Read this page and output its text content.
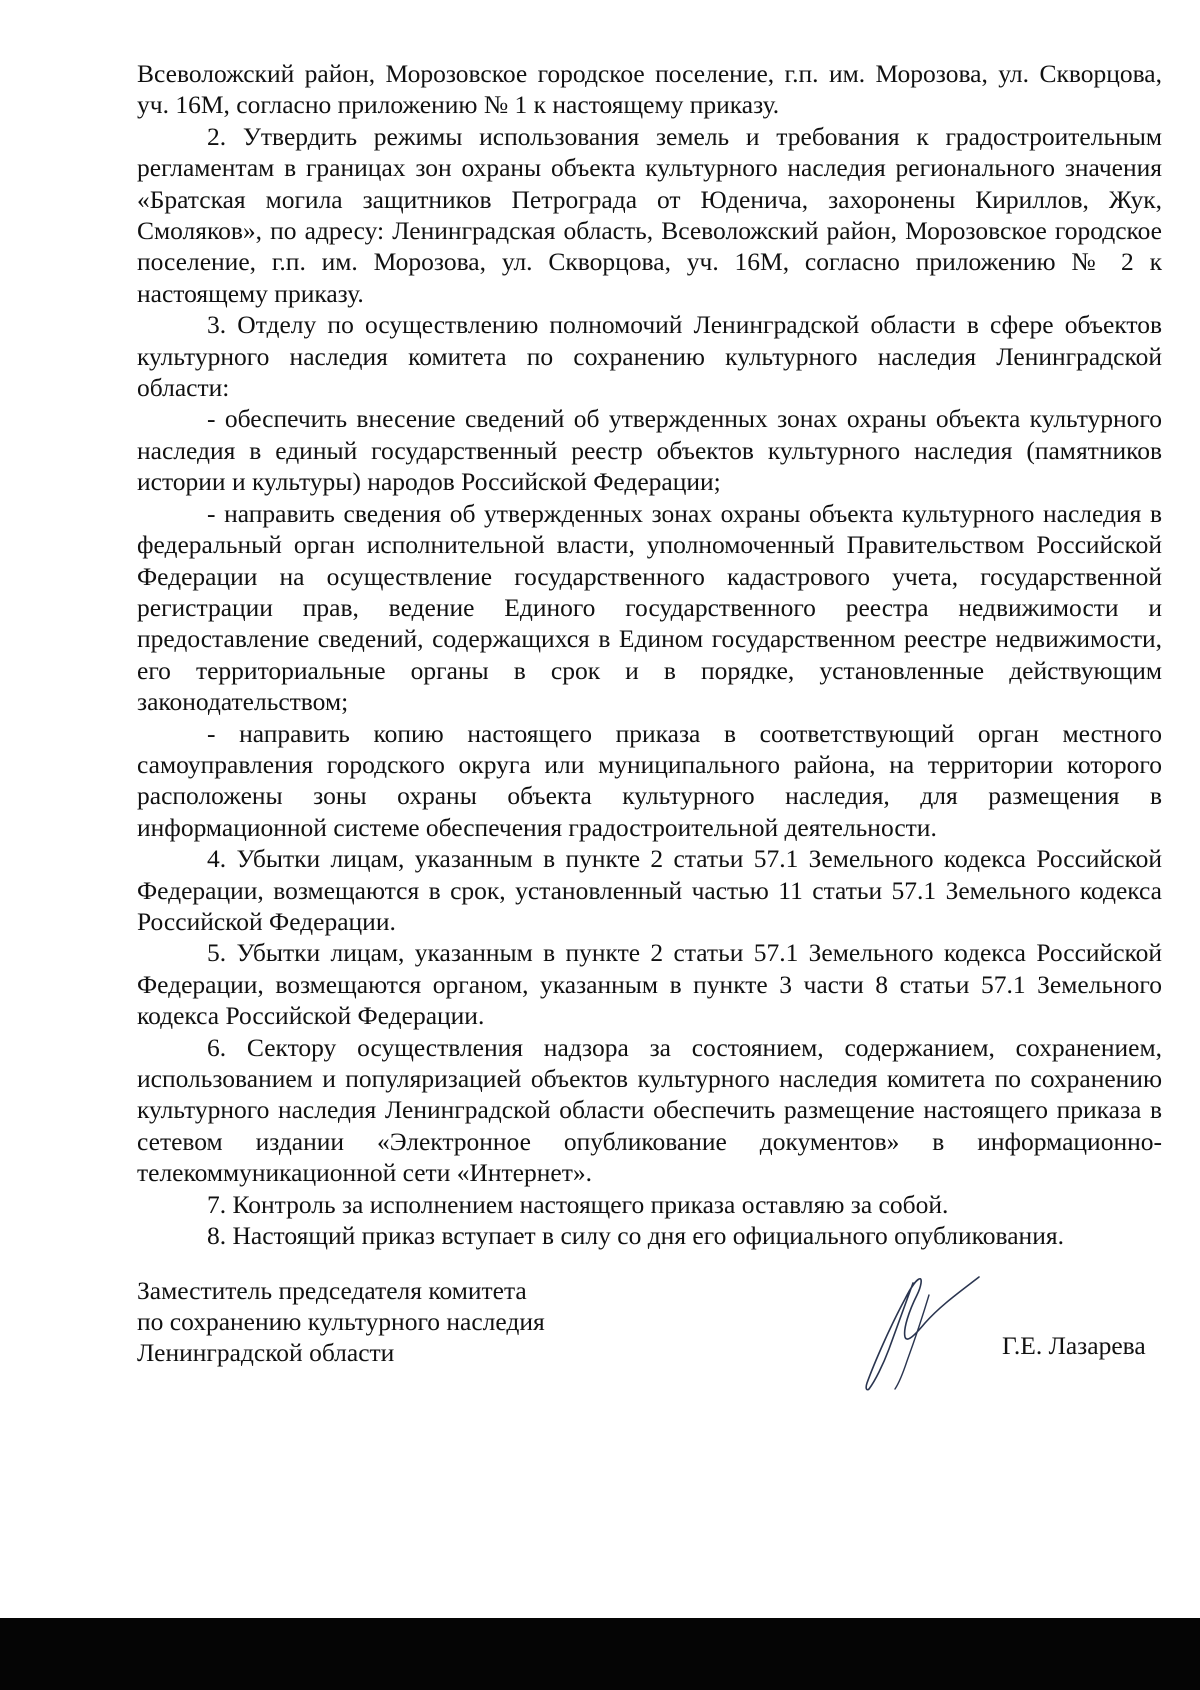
Всеволожский район, Морозовское городское поселение, г.п. им. Морозова, ул. Скворцова, уч. 16М, согласно приложению № 1 к настоящему приказу.

2. Утвердить режимы использования земель и требования к градостроительным регламентам в границах зон охраны объекта культурного наследия регионального значения «Братская могила защитников Петрограда от Юденича, захоронены Кириллов, Жук, Смоляков», по адресу: Ленинградская область, Всеволожский район, Морозовское городское поселение, г.п. им. Морозова, ул. Скворцова, уч. 16М, согласно приложению № 2 к настоящему приказу.

3. Отделу по осуществлению полномочий Ленинградской области в сфере объектов культурного наследия комитета по сохранению культурного наследия Ленинградской области:

- обеспечить внесение сведений об утвержденных зонах охраны объекта культурного наследия в единый государственный реестр объектов культурного наследия (памятников истории и культуры) народов Российской Федерации;

- направить сведения об утвержденных зонах охраны объекта культурного наследия в федеральный орган исполнительной власти, уполномоченный Правительством Российской Федерации на осуществление государственного кадастрового учета, государственной регистрации прав, ведение Единого государственного реестра недвижимости и предоставление сведений, содержащихся в Едином государственном реестре недвижимости, его территориальные органы в срок и в порядке, установленные действующим законодательством;

- направить копию настоящего приказа в соответствующий орган местного самоуправления городского округа или муниципального района, на территории которого расположены зоны охраны объекта культурного наследия, для размещения в информационной системе обеспечения градостроительной деятельности.

4. Убытки лицам, указанным в пункте 2 статьи 57.1 Земельного кодекса Российской Федерации, возмещаются в срок, установленный частью 11 статьи 57.1 Земельного кодекса Российской Федерации.

5. Убытки лицам, указанным в пункте 2 статьи 57.1 Земельного кодекса Российской Федерации, возмещаются органом, указанным в пункте 3 части 8 статьи 57.1 Земельного кодекса Российской Федерации.

6. Сектору осуществления надзора за состоянием, содержанием, сохранением, использованием и популяризацией объектов культурного наследия комитета по сохранению культурного наследия Ленинградской области обеспечить размещение настоящего приказа в сетевом издании «Электронное опубликование документов» в информационно-телекоммуникационной сети «Интернет».

7. Контроль за исполнением настоящего приказа оставляю за собой.

8. Настоящий приказ вступает в силу со дня его официального опубликования.

Заместитель председателя комитета
по сохранению культурного наследия
Ленинградской области	Г.Е. Лазарева
